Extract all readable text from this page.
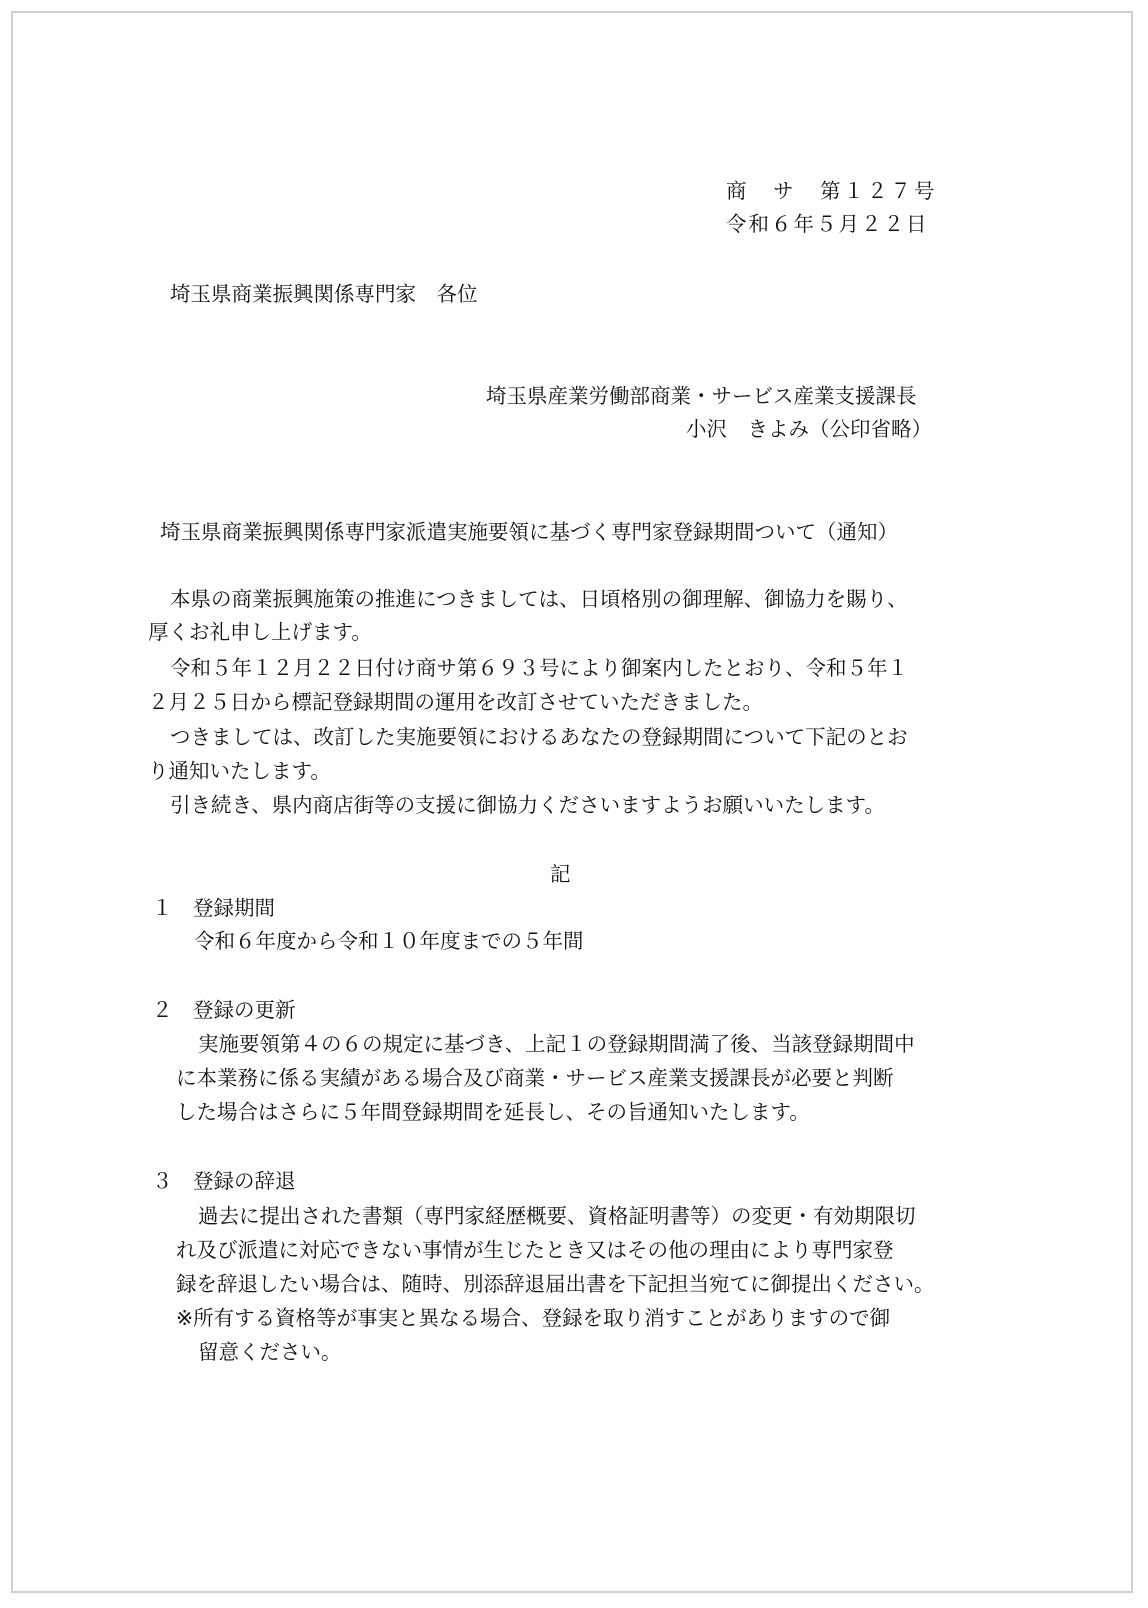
商　サ　第１２７号

令和６年５月２２日

埼玉県商業振興関係専門家　各位

埼玉県産業労働部商業・サービス産業支援課長

小沢　きよみ（公印省略）

埼玉県商業振興関係専門家派遣実施要領に基づく専門家登録期間ついて（通知）

本県の商業振興施策の推進につきましては、日頃格別の御理解、御協力を賜り、

厚くお礼申し上げます。

令和５年１２月２２日付け商サ第６９３号により御案内したとおり、令和５年１

２月２５日から標記登録期間の運用を改訂させていただきました。

つきましては、改訂した実施要領におけるあなたの登録期間について下記のとお

り通知いたします。

引き続き、県内商店街等の支援に御協力くださいますようお願いいたします。

記

１　登録期間

令和６年度から令和１０年度までの５年間

２　登録の更新

実施要領第４の６の規定に基づき、上記１の登録期間満了後、当該登録期間中

に本業務に係る実績がある場合及び商業・サービス産業支援課長が必要と判断

した場合はさらに５年間登録期間を延長し、その旨通知いたします。

３　登録の辞退

過去に提出された書類（専門家経歴概要、資格証明書等）の変更・有効期限切

れ及び派遣に対応できない事情が生じたとき又はその他の理由により専門家登

録を辞退したい場合は、随時、別添辞退届出書を下記担当宛てに御提出ください。

※所有する資格等が事実と異なる場合、登録を取り消すことがありますので御

留意ください。
